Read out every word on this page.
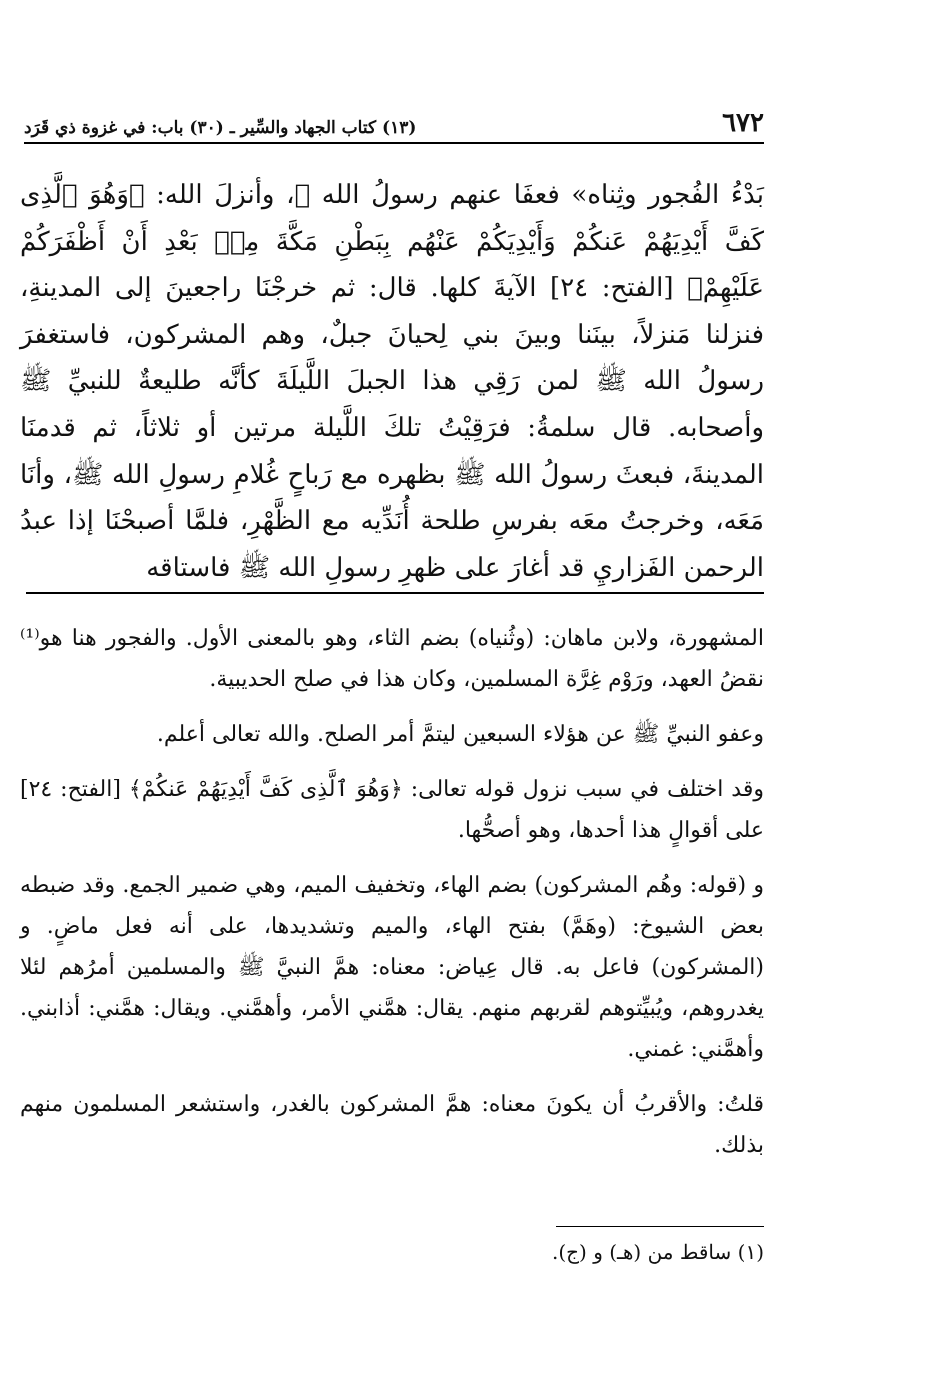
٦٧٢
(١٣) كتاب الجهاد والسِّير ـ (٣٠) باب: في غزوة ذي قَرَد

بَدْءُ الفُجور وثِناه» فعفَا عنهم رسولُ الله ﷺ، وأنزلَ الله: ﴿وَهُوَ ٱلَّذِى كَفَّ أَيْدِيَهُمْ عَنكُمْ وَأَيْدِيَكُمْ عَنْهُم بِبَطْنِ مَكَّةَ مِنۢ بَعْدِ أَنْ أَظْفَرَكُمْ عَلَيْهِمْ﴾ [الفتح: ٢٤] الآيةَ كلها. قال: ثم خرجْنَا راجعينَ إلى المدينةِ، فنزلنا مَنزلاً، بينَنا وبينَ بني لِحيانَ جبلٌ، وهم المشركون، فاستغفرَ رسولُ الله ﷺ لمن رَقِي هذا الجبلَ اللَّيلَةَ كأنَّه طليعةٌ للنبيِّ ﷺ وأصحابه. قال سلمةُ: فرَقِيْتُ تلكَ اللَّيلة مرتين أو ثلاثاً، ثم قدمنَا المدينةَ، فبعثَ رسولُ الله ﷺ بظهره مع رَباحٍ غُلامِ رسولِ الله ﷺ، وأنَا مَعَه، وخرجتُ معَه بفرسِ طلحة أُنَدِّيه مع الظَّهْرِ، فلمَّا أصبحْنَا إذا عبدُ الرحمن الفَزاريِ قد أغارَ على ظهرِ رسولِ الله ﷺ فاستاقه

المشهورة، ولابن ماهان: (وثُنياه) بضم الثاء، وهو بالمعنى الأول. والفجور هنا هو⁽¹⁾ نقضُ العهد، ورَوْم غِرَّة المسلمين، وكان هذا في صلح الحديبية.

وعفو النبيِّ ﷺ عن هؤلاء السبعين ليتمَّ أمر الصلح. والله تعالى أعلم.

وقد اختلف في سبب نزول قوله تعالى: ﴿وَهُوَ ٱلَّذِى كَفَّ أَيْدِيَهُمْ عَنكُمْ﴾ [الفتح: ٢٤] على أقوالٍ هذا أحدها، وهو أصحُّها.

و (قوله: وهُم المشركون) بضم الهاء، وتخفيف الميم، وهي ضمير الجمع. وقد ضبطه بعض الشيوخ: (وهَمَّ) بفتح الهاء، والميم وتشديدها، على أنه فعل ماضٍ. و (المشركون) فاعل به. قال عِياض: معناه: همَّ النبيَّ ﷺ والمسلمين أمرُهم لئلا يغدروهم، ويُبيِّتوهم لقربهم منهم. يقال: همَّني الأمر، وأهمَّني. ويقال: همَّني: أذابني. وأهمَّني: غمني.

قلتُ: والأقربُ أن يكونَ معناه: همَّ المشركون بالغدر، واستشعر المسلمون منهم بذلك.

(١) ساقط من (هـ) و (ج).
